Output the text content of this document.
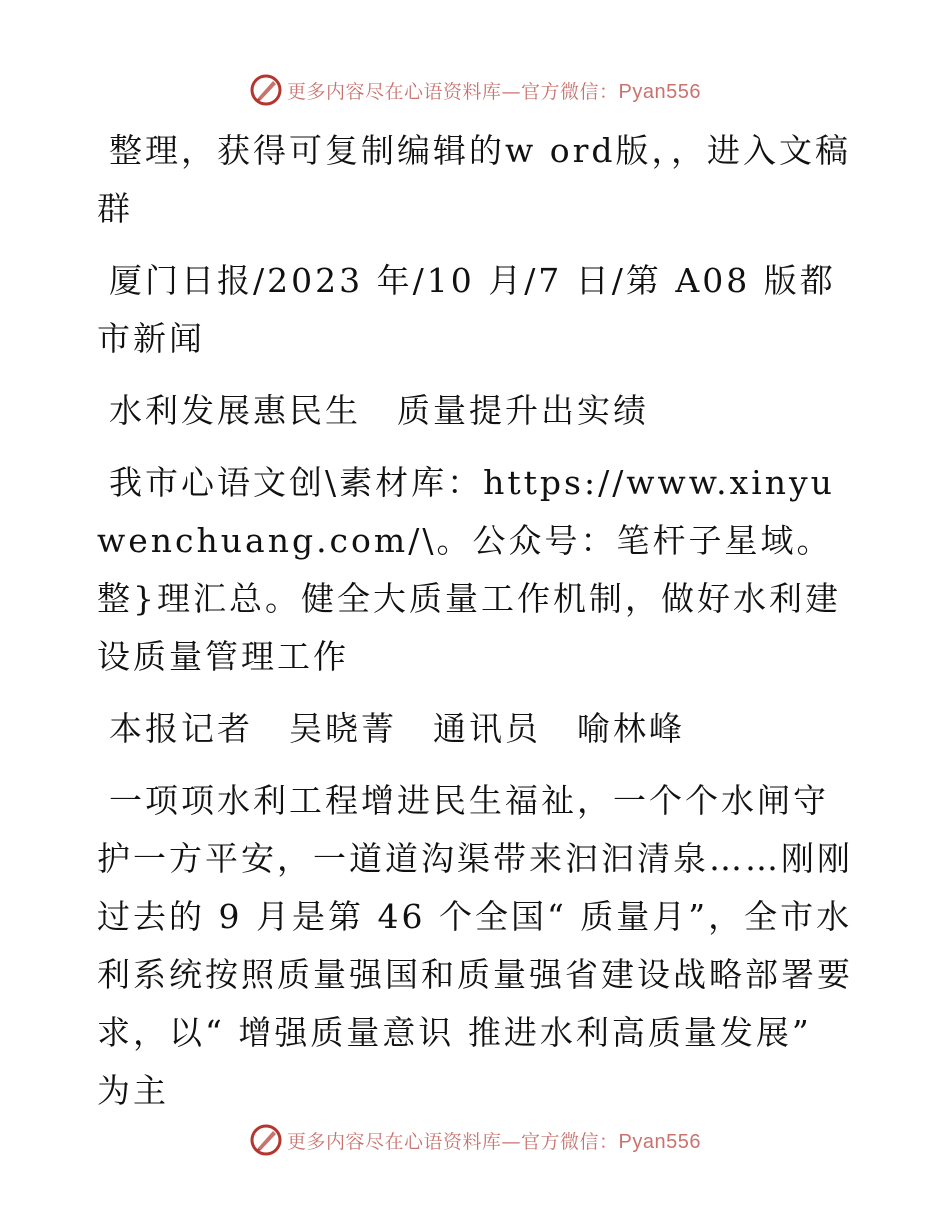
更多内容尽在心语资料库—官方微信：Pyan556

整理，获得可复制编辑的w ord版，，进入文稿群

厦门日报/2023 年/10 月/7 日/第 A08 版都市新闻

水利发展惠民生　质量提升出实绩

我市心语文创\素材库：https://www.xinyuwenchuang.com/\。公众号：笔杆子星域。整}理汇总。健全大质量工作机制，做好水利建设质量管理工作

本报记者　吴晓菁　通讯员　喻林峰

一项项水利工程增进民生福祉，一个个水闸守护一方平安，一道道沟渠带来汩汩清泉……刚刚过去的 9 月是第 46 个全国“ 质量月”，全市水利系统按照质量强国和质量强省建设战略部署要求，以“ 增强质量意识 推进水利高质量发展” 为主

更多内容尽在心语资料库—官方微信：Pyan556
